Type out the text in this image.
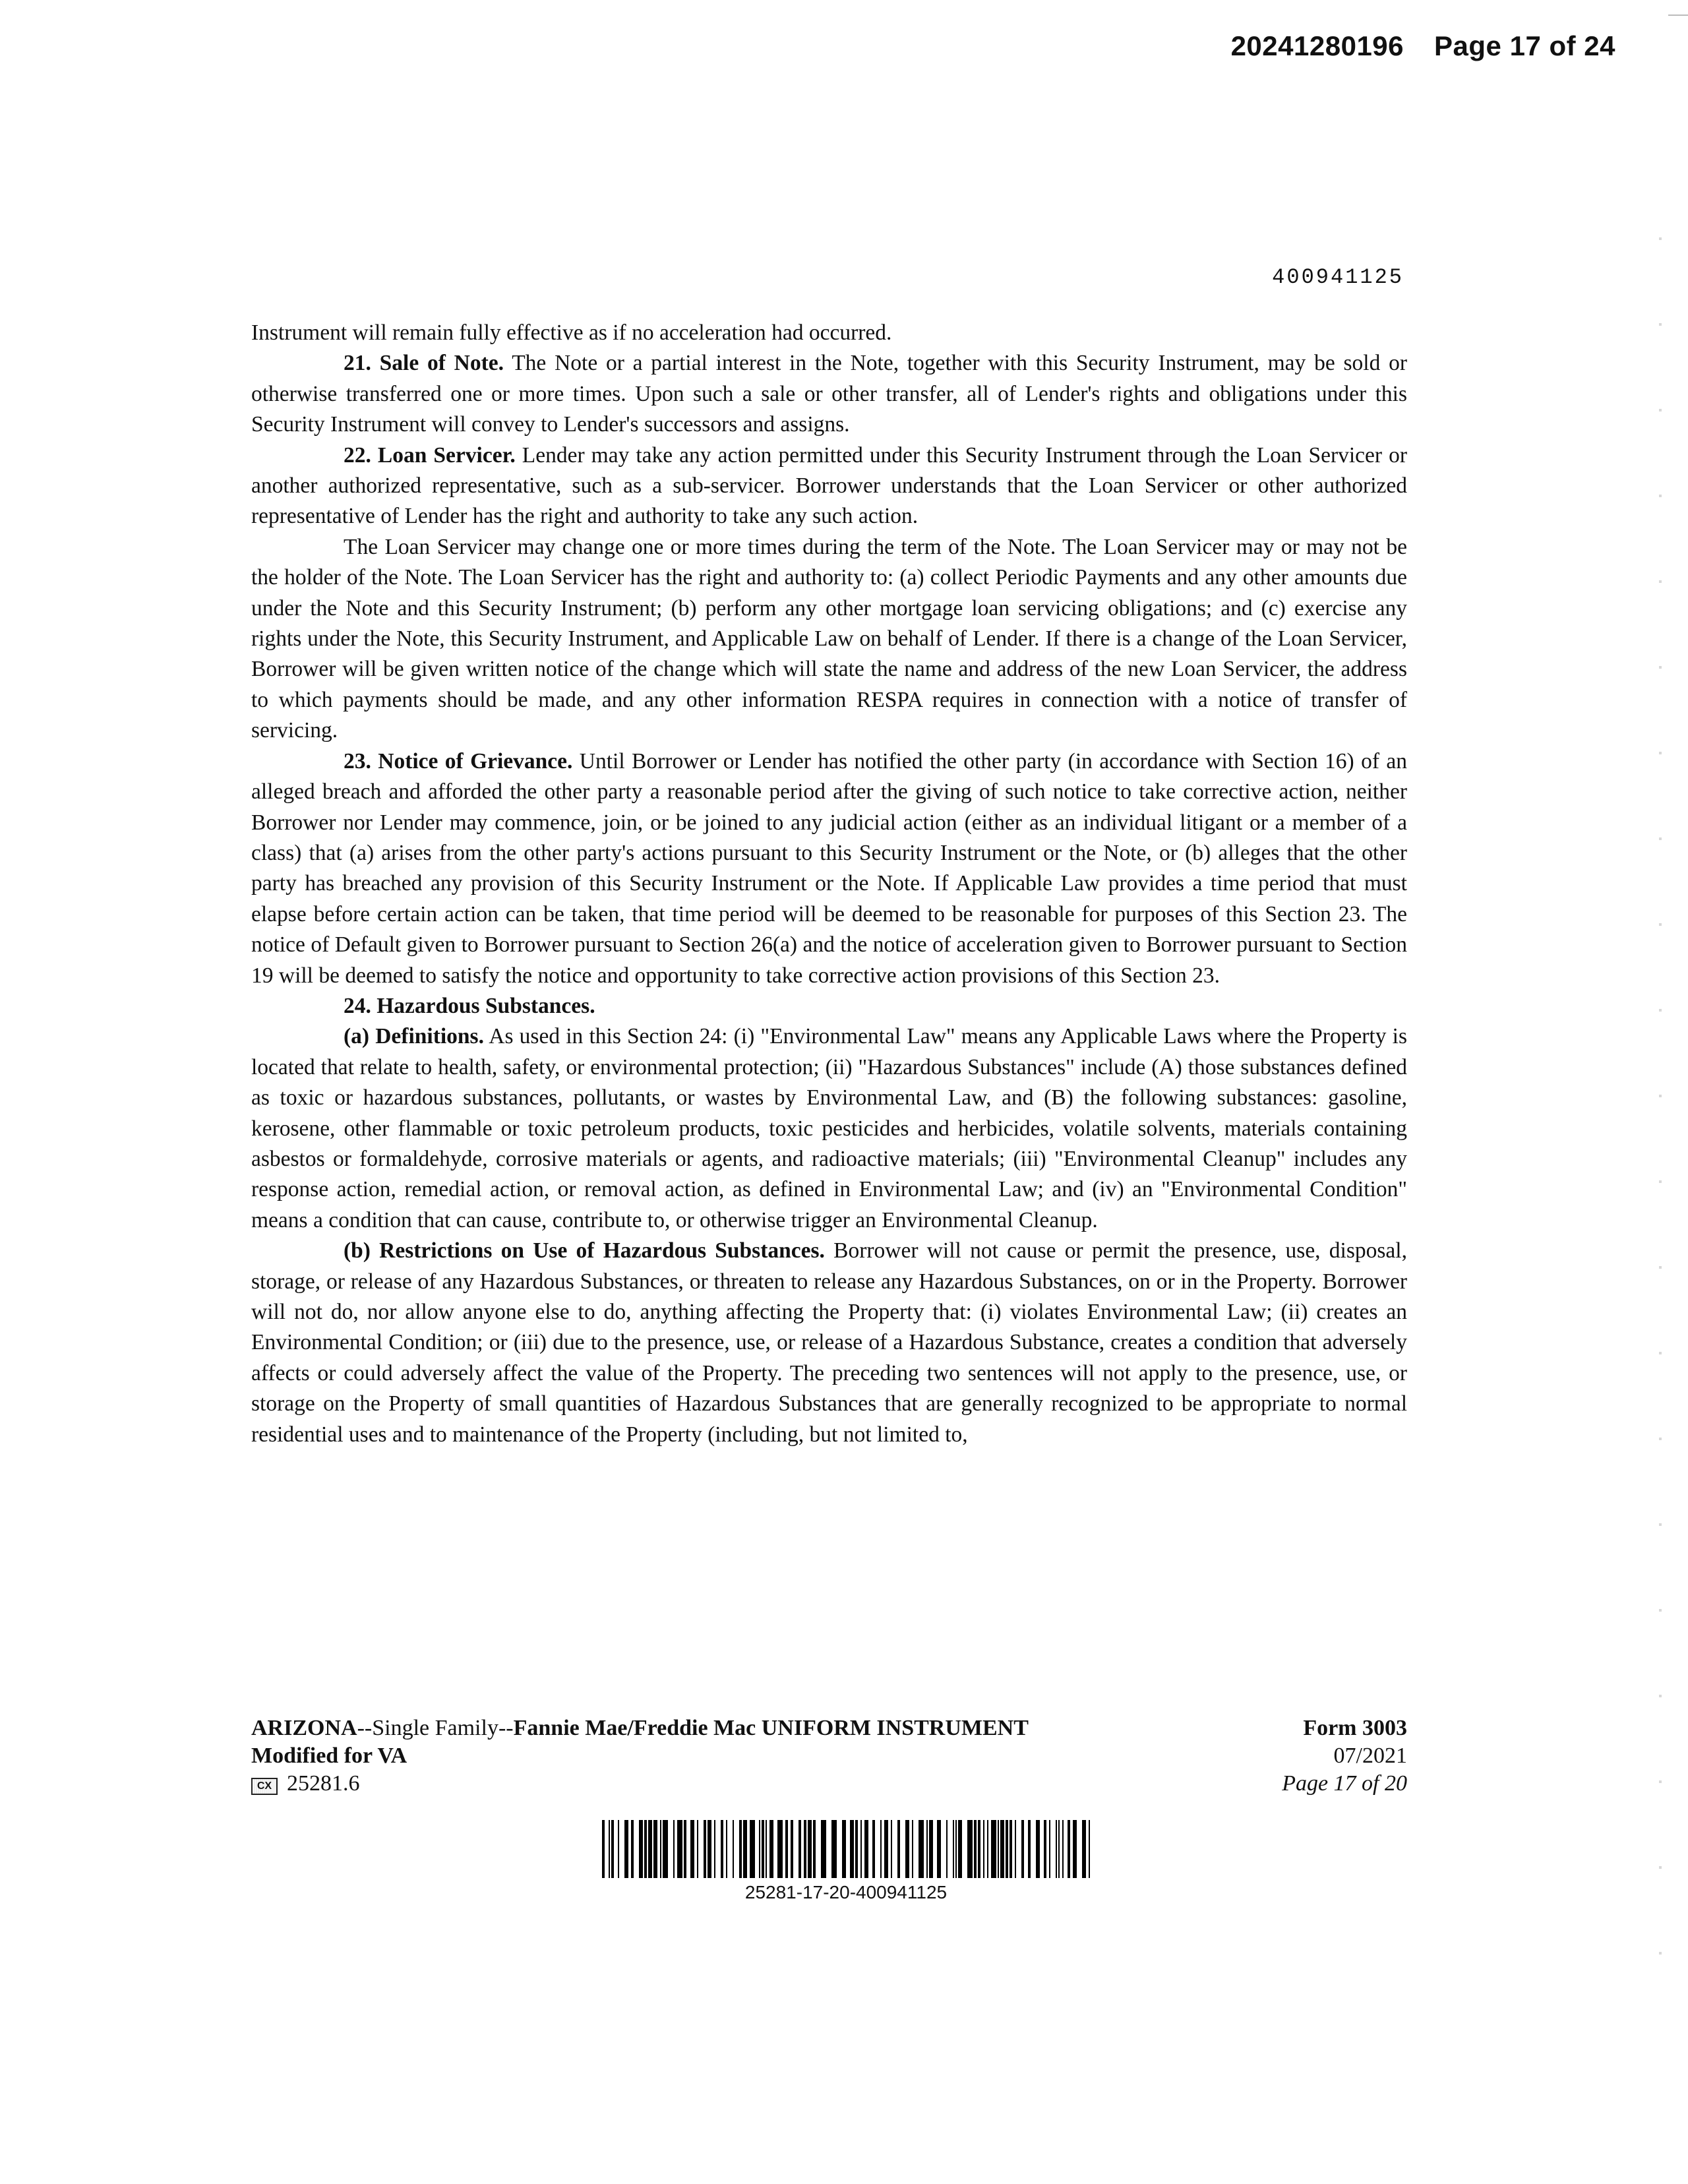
20241280196 Page 17 of 24
400941125

Instrument will remain fully effective as if no acceleration had occurred.

21. Sale of Note. The Note or a partial interest in the Note, together with this Security Instrument, may be sold or otherwise transferred one or more times. Upon such a sale or other transfer, all of Lender's rights and obligations under this Security Instrument will convey to Lender's successors and assigns.

22. Loan Servicer. Lender may take any action permitted under this Security Instrument through the Loan Servicer or another authorized representative, such as a sub-servicer. Borrower understands that the Loan Servicer or other authorized representative of Lender has the right and authority to take any such action.

The Loan Servicer may change one or more times during the term of the Note. The Loan Servicer may or may not be the holder of the Note. The Loan Servicer has the right and authority to: (a) collect Periodic Payments and any other amounts due under the Note and this Security Instrument; (b) perform any other mortgage loan servicing obligations; and (c) exercise any rights under the Note, this Security Instrument, and Applicable Law on behalf of Lender. If there is a change of the Loan Servicer, Borrower will be given written notice of the change which will state the name and address of the new Loan Servicer, the address to which payments should be made, and any other information RESPA requires in connection with a notice of transfer of servicing.

23. Notice of Grievance. Until Borrower or Lender has notified the other party (in accordance with Section 16) of an alleged breach and afforded the other party a reasonable period after the giving of such notice to take corrective action, neither Borrower nor Lender may commence, join, or be joined to any judicial action (either as an individual litigant or a member of a class) that (a) arises from the other party's actions pursuant to this Security Instrument or the Note, or (b) alleges that the other party has breached any provision of this Security Instrument or the Note. If Applicable Law provides a time period that must elapse before certain action can be taken, that time period will be deemed to be reasonable for purposes of this Section 23. The notice of Default given to Borrower pursuant to Section 26(a) and the notice of acceleration given to Borrower pursuant to Section 19 will be deemed to satisfy the notice and opportunity to take corrective action provisions of this Section 23.

24. Hazardous Substances.

(a) Definitions. As used in this Section 24: (i) "Environmental Law" means any Applicable Laws where the Property is located that relate to health, safety, or environmental protection; (ii) "Hazardous Substances" include (A) those substances defined as toxic or hazardous substances, pollutants, or wastes by Environmental Law, and (B) the following substances: gasoline, kerosene, other flammable or toxic petroleum products, toxic pesticides and herbicides, volatile solvents, materials containing asbestos or formaldehyde, corrosive materials or agents, and radioactive materials; (iii) "Environmental Cleanup" includes any response action, remedial action, or removal action, as defined in Environmental Law; and (iv) an "Environmental Condition" means a condition that can cause, contribute to, or otherwise trigger an Environmental Cleanup.

(b) Restrictions on Use of Hazardous Substances. Borrower will not cause or permit the presence, use, disposal, storage, or release of any Hazardous Substances, or threaten to release any Hazardous Substances, on or in the Property. Borrower will not do, nor allow anyone else to do, anything affecting the Property that: (i) violates Environmental Law; (ii) creates an Environmental Condition; or (iii) due to the presence, use, or release of a Hazardous Substance, creates a condition that adversely affects or could adversely affect the value of the Property. The preceding two sentences will not apply to the presence, use, or storage on the Property of small quantities of Hazardous Substances that are generally recognized to be appropriate to normal residential uses and to maintenance of the Property (including, but not limited to,

ARIZONA--Single Family--Fannie Mae/Freddie Mac UNIFORM INSTRUMENT
Modified for VA
CX 25281.6
Form 3003
07/2021
Page 17 of 20
25281-17-20-400941125
